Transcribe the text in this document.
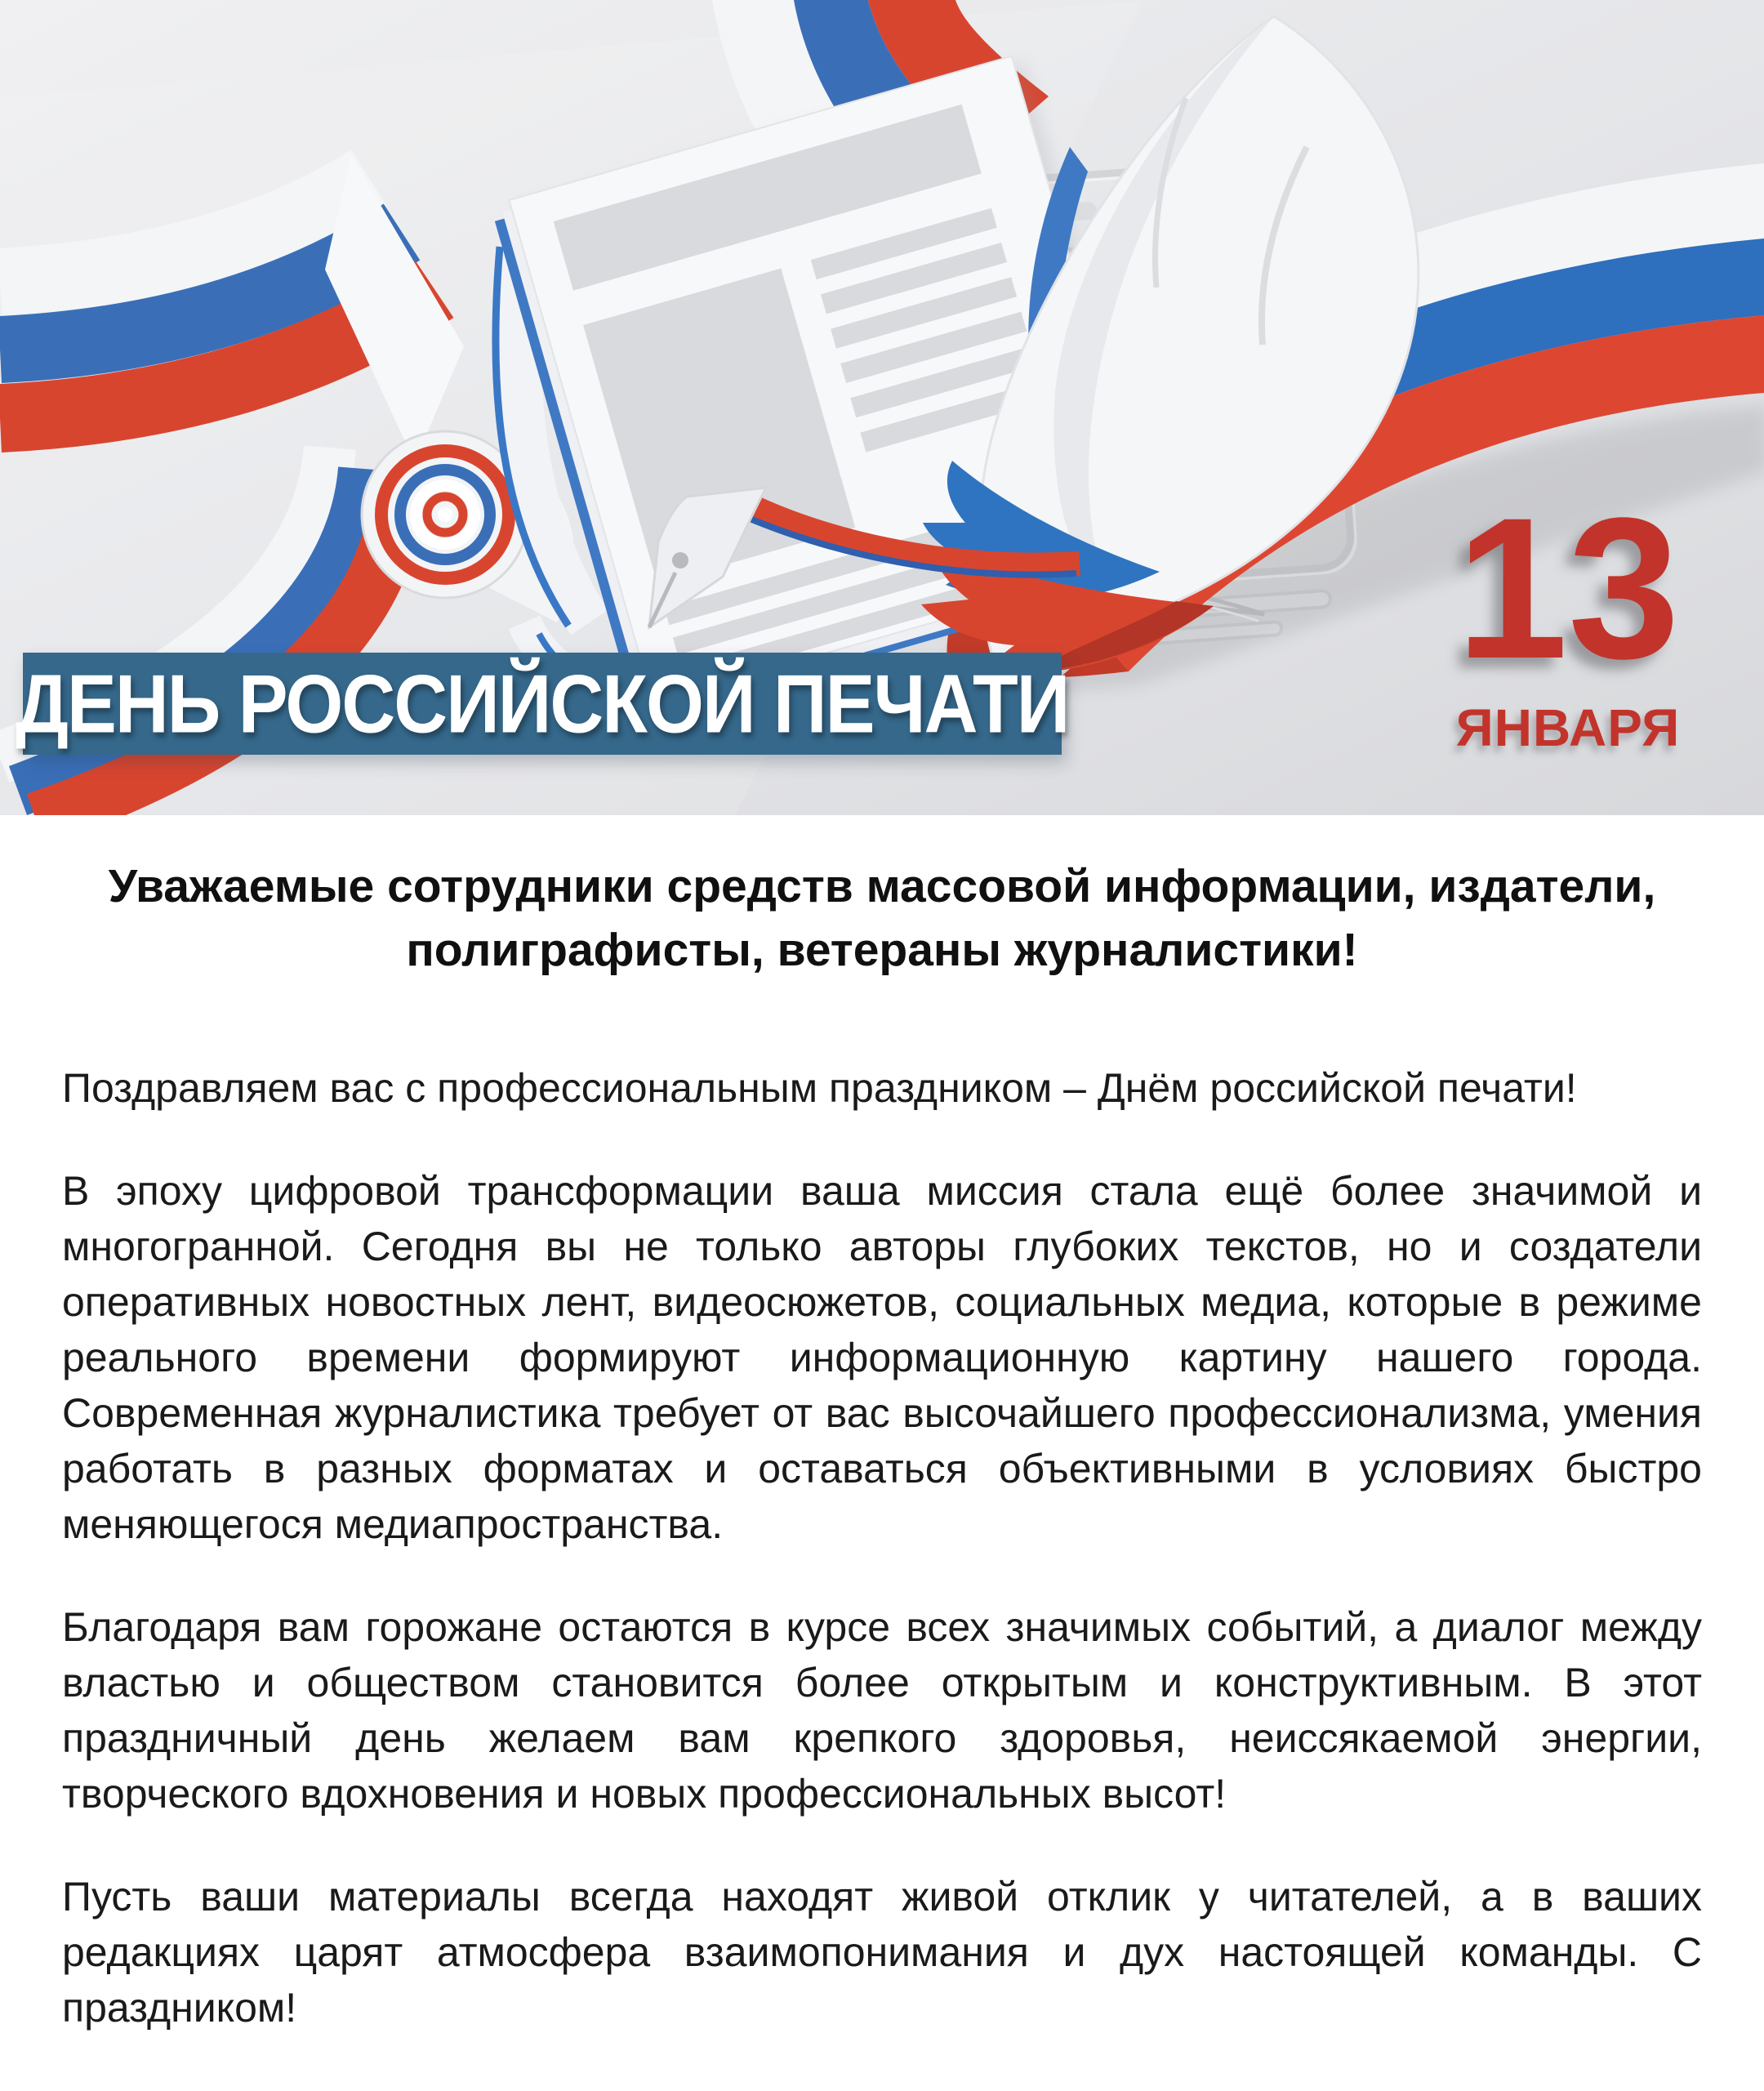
ДЕНЬ РОССИЙСКОЙ ПЕЧАТИ
13
ЯНВАРЯ
Уважаемые сотрудники средств массовой информации, издатели, полиграфисты, ветераны журналистики!

Поздравляем вас с профессиональным праздником – Днём российской печати!

В эпоху цифровой трансформации ваша миссия стала ещё более значимой и многогранной. Сегодня вы не только авторы глубоких текстов, но и создатели оперативных новостных лент, видеосюжетов, социальных медиа, которые в режиме реального времени формируют информационную картину нашего города. Современная журналистика требует от вас высочайшего профессионализма, умения работать в разных форматах и оставаться объективными в условиях быстро меняющегося медиапространства.

Благодаря вам горожане остаются в курсе всех значимых событий, а диалог между властью и обществом становится более открытым и конструктивным. В этот праздничный день желаем вам крепкого здоровья, неиссякаемой энергии, творческого вдохновения и новых профессиональных высот!

Пусть ваши материалы всегда находят живой отклик у читателей, а в ваших редакциях царят атмосфера взаимопонимания и дух настоящей команды. С праздником!
